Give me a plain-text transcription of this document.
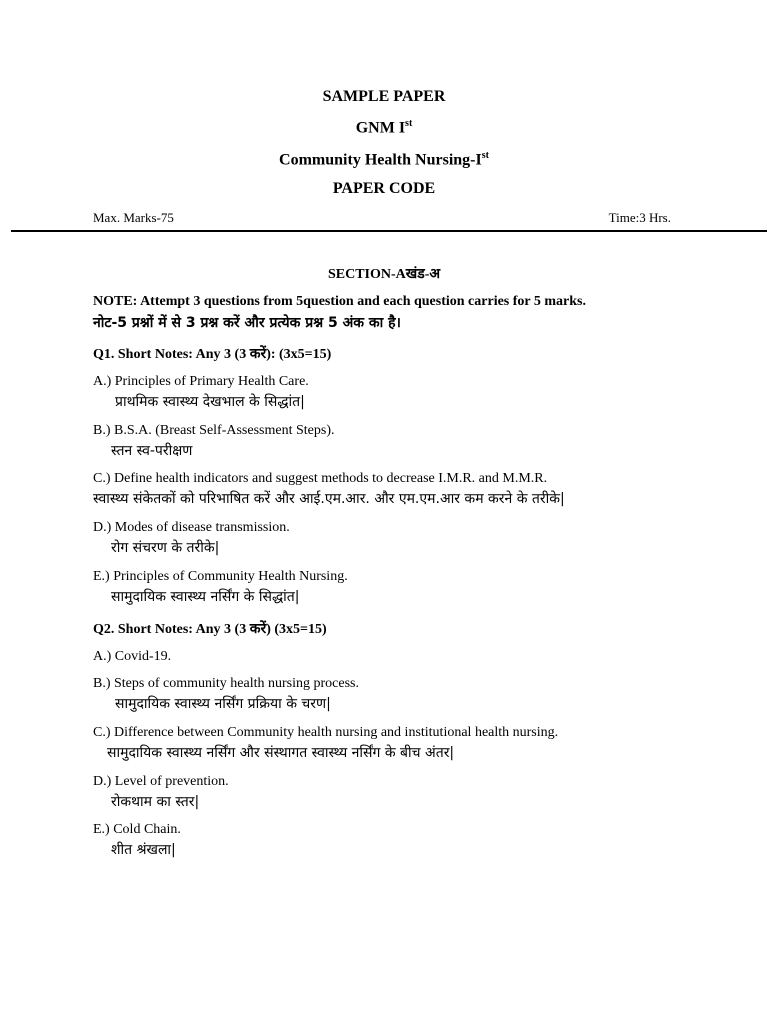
SAMPLE PAPER
GNM Ist
Community Health Nursing-Ist
PAPER CODE
Max. Marks-75	Time:3 Hrs.
SECTION-Aखंड-अ
NOTE: Attempt 3 questions from 5question and each question carries for 5 marks.
नोट-5 प्रश्नों में से 3 प्रश्न करें और प्रत्येक प्रश्न 5 अंक का है।
Q1. Short Notes: Any 3 (3 करें): (3x5=15)
A.) Principles of Primary Health Care.
प्राथमिक स्वास्थ्य देखभाल के सिद्धांत|
B.) B.S.A. (Breast Self-Assessment Steps).
स्तन स्व-परीक्षण
C.) Define health indicators and suggest methods to decrease I.M.R. and M.M.R.
स्वास्थ्य संकेतकों को परिभाषित करें और आई.एम.आर. और एम.एम.आर कम करने के तरीके|
D.) Modes of disease transmission.
रोग संचरण के तरीके|
E.) Principles of Community Health Nursing.
सामुदायिक स्वास्थ्य नर्सिंग के सिद्धांत|
Q2. Short Notes: Any 3 (3 करें) (3x5=15)
A.) Covid-19.
B.) Steps of community health nursing process.
सामुदायिक स्वास्थ्य नर्सिंग प्रक्रिया के चरण|
C.) Difference between Community health nursing and institutional health nursing.
सामुदायिक स्वास्थ्य नर्सिंग और संस्थागत स्वास्थ्य नर्सिंग के बीच अंतर|
D.) Level of prevention.
रोकथाम का स्तर|
E.) Cold Chain.
शीत श्रंखला|
